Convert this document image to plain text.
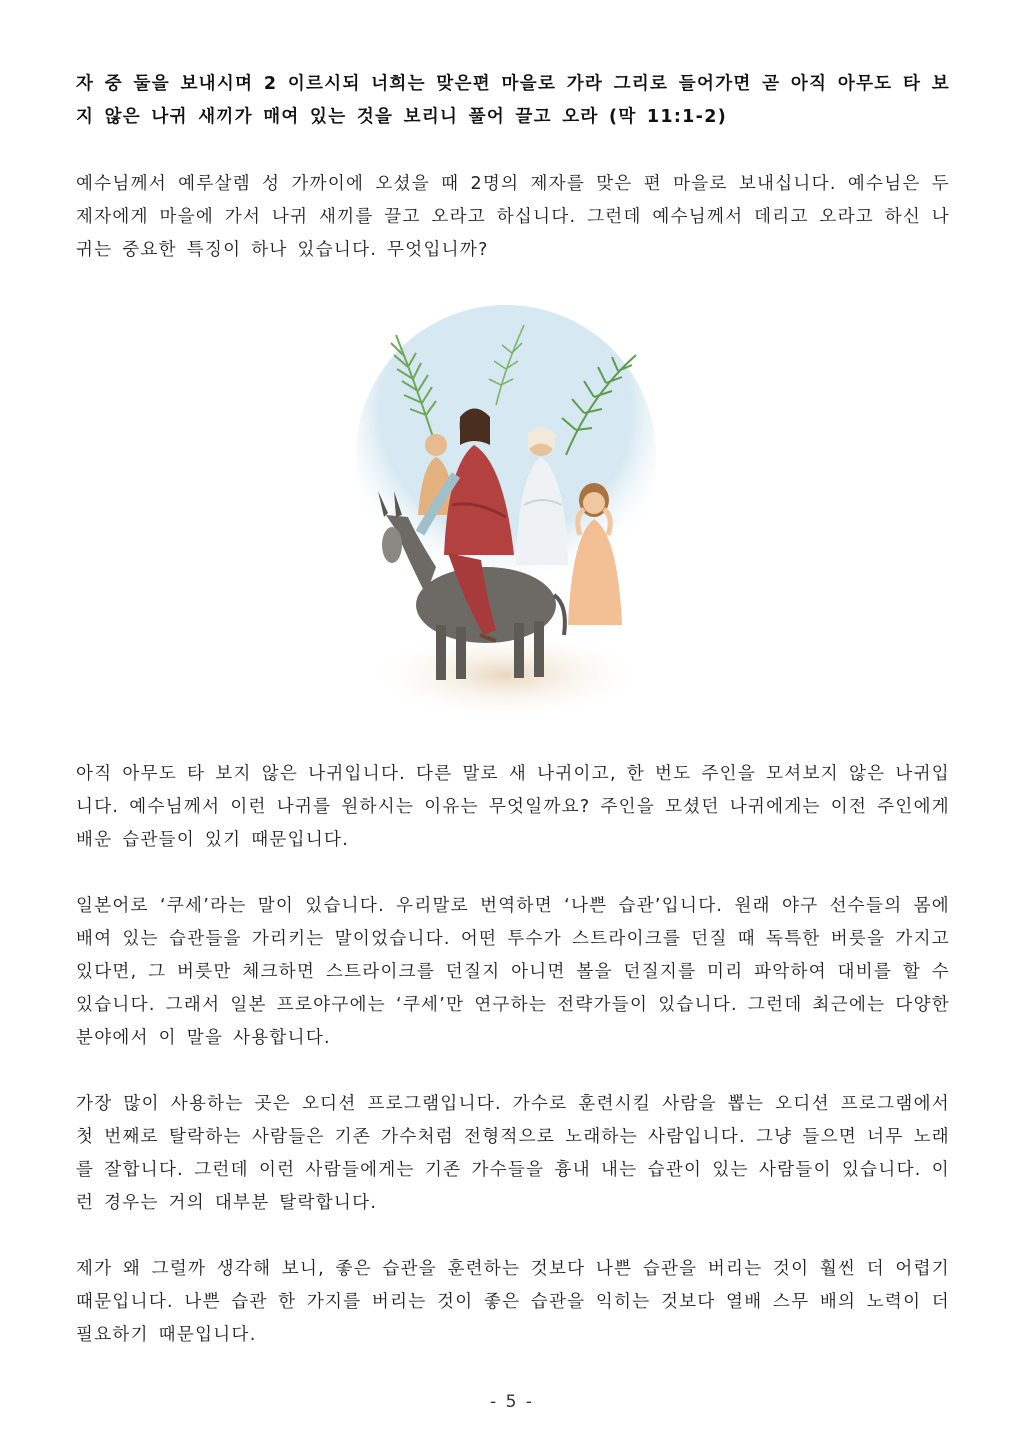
자 중 둘을 보내시며 2 이르시되 너희는 맞은편 마을로 가라 그리로 들어가면 곧 아직 아무도 타 보지 않은 나귀 새끼가 매여 있는 것을 보리니 풀어 끌고 오라 (막 11:1-2)

예수님께서 예루살렘 성 가까이에 오셨을 때 2명의 제자를 맞은 편 마을로 보내십니다. 예수님은 두 제자에게 마을에 가서 나귀 새끼를 끌고 오라고 하십니다. 그런데 예수님께서 데리고 오라고 하신 나귀는 중요한 특징이 하나 있습니다. 무엇입니까?

아직 아무도 타 보지 않은 나귀입니다. 다른 말로 새 나귀이고, 한 번도 주인을 모셔보지 않은 나귀입니다. 예수님께서 이런 나귀를 원하시는 이유는 무엇일까요? 주인을 모셨던 나귀에게는 이전 주인에게 배운 습관들이 있기 때문입니다.

일본어로 ‘쿠세’라는 말이 있습니다. 우리말로 번역하면 ‘나쁜 습관’입니다. 원래 야구 선수들의 몸에 배여 있는 습관들을 가리키는 말이었습니다. 어떤 투수가 스트라이크를 던질 때 독특한 버릇을 가지고 있다면, 그 버릇만 체크하면 스트라이크를 던질지 아니면 볼을 던질지를 미리 파악하여 대비를 할 수 있습니다. 그래서 일본 프로야구에는 ‘쿠세’만 연구하는 전략가들이 있습니다. 그런데 최근에는 다양한 분야에서 이 말을 사용합니다.

가장 많이 사용하는 곳은 오디션 프로그램입니다. 가수로 훈련시킬 사람을 뽑는 오디션 프로그램에서 첫 번째로 탈락하는 사람들은 기존 가수처럼 전형적으로 노래하는 사람입니다. 그냥 들으면 너무 노래를 잘합니다. 그런데 이런 사람들에게는 기존 가수들을 흉내 내는 습관이 있는 사람들이 있습니다. 이런 경우는 거의 대부분 탈락합니다.

제가 왜 그럴까 생각해 보니, 좋은 습관을 훈련하는 것보다 나쁜 습관을 버리는 것이 훨씬 더 어렵기 때문입니다. 나쁜 습관 한 가지를 버리는 것이 좋은 습관을 익히는 것보다 열배 스무 배의 노력이 더 필요하기 때문입니다.

- 5 -
